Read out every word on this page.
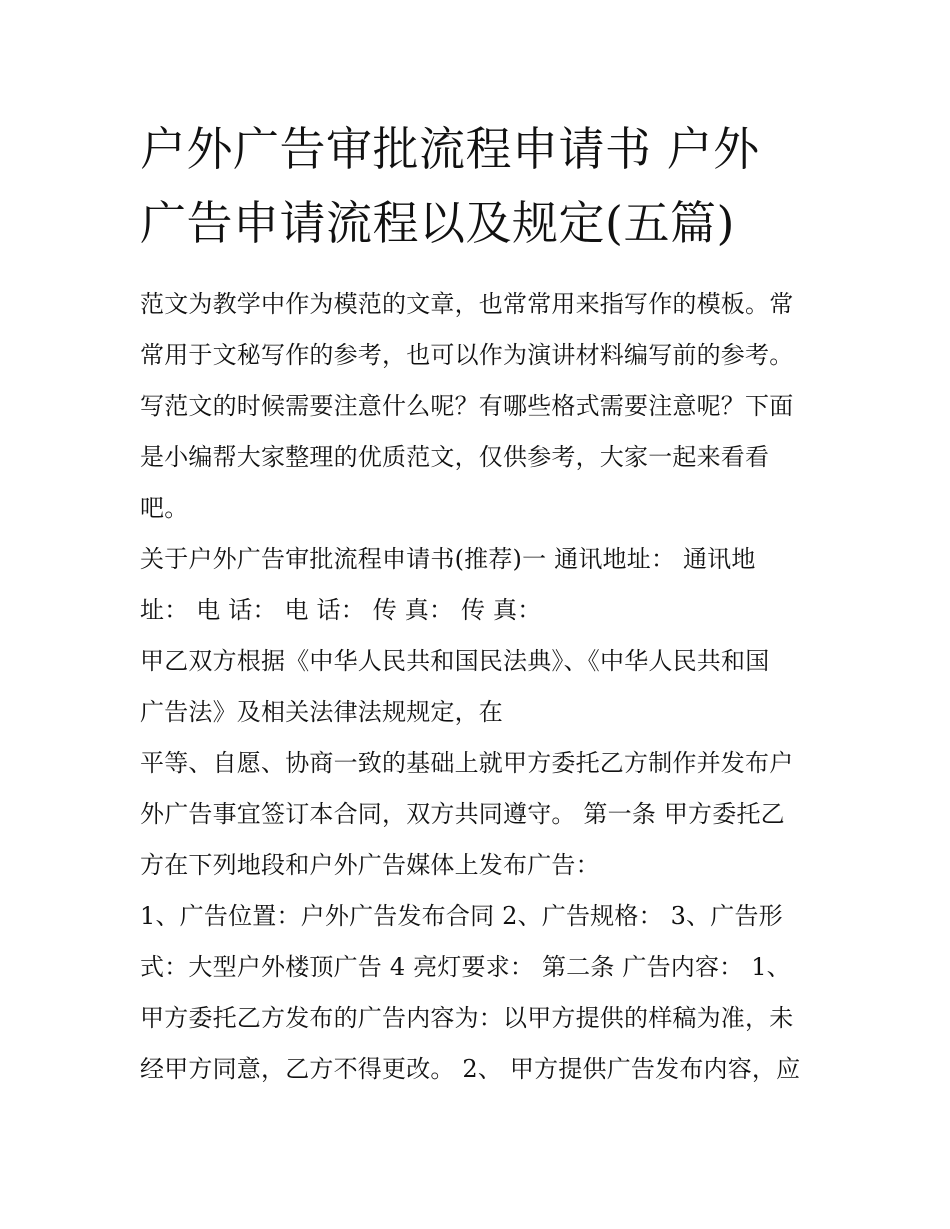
户外广告审批流程申请书 户外
广告申请流程以及规定(五篇)
范文为教学中作为模范的文章，也常常用来指写作的模板。常
常用于文秘写作的参考，也可以作为演讲材料编写前的参考。
写范文的时候需要注意什么呢？有哪些格式需要注意呢？下面
是小编帮大家整理的优质范文，仅供参考，大家一起来看看
吧。
关于户外广告审批流程申请书(推荐)一 通讯地址： 通讯地
址： 电 话： 电 话： 传 真： 传 真：
甲乙双方根据《中华人民共和国民法典》、《中华人民共和国
广告法》及相关法律法规规定，在
平等、自愿、协商一致的基础上就甲方委托乙方制作并发布户
外广告事宜签订本合同，双方共同遵守。 第一条 甲方委托乙
方在下列地段和户外广告媒体上发布广告：
1、广告位置：户外广告发布合同 2、广告规格： 3、广告形
式：大型户外楼顶广告 4 亮灯要求： 第二条 广告内容： 1、
甲方委托乙方发布的广告内容为：以甲方提供的样稿为准，未
经甲方同意，乙方不得更改。 2、 甲方提供广告发布内容，应
